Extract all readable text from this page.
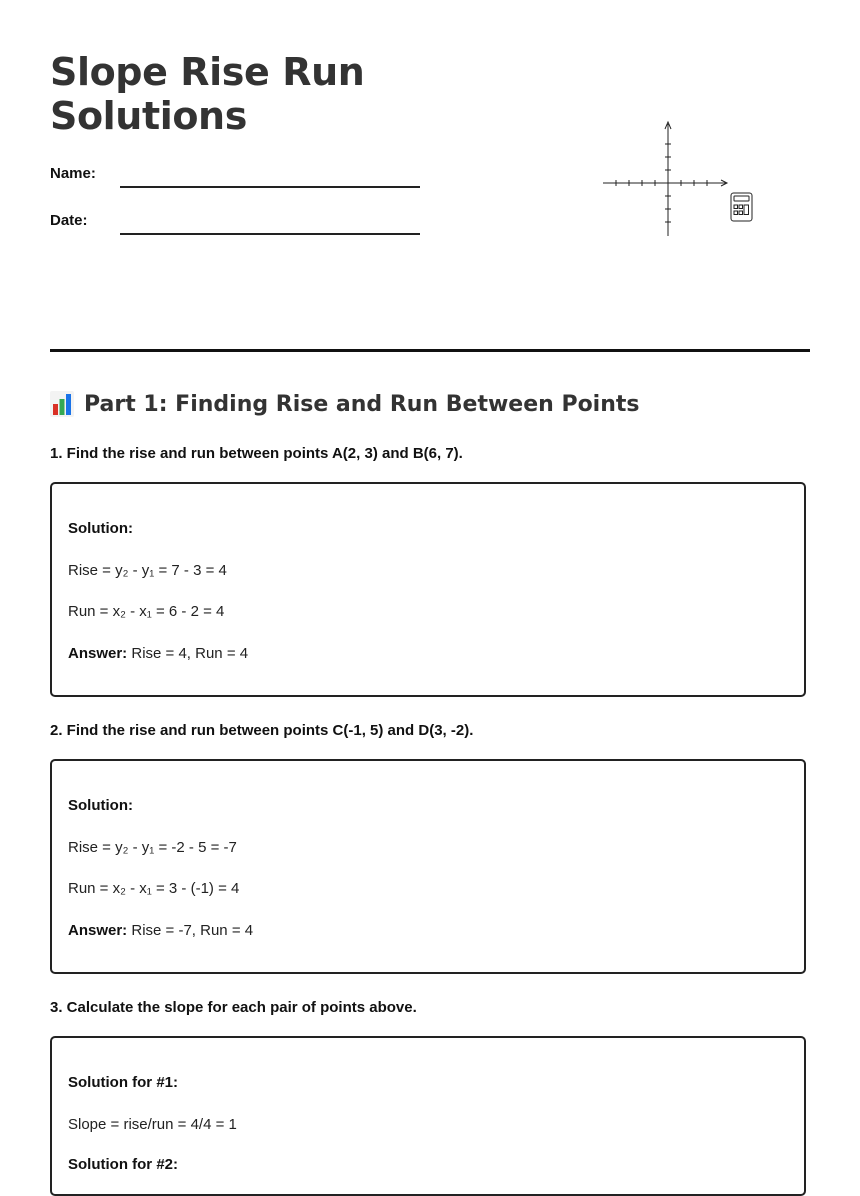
Slope Rise Run
Solutions
Name:
Date:
Part 1: Finding Rise and Run Between Points
1. Find the rise and run between points A(2, 3) and B(6, 7).
Solution:
Rise = y₂ - y₁ = 7 - 3 = 4
Run = x₂ - x₁ = 6 - 2 = 4
Answer: Rise = 4, Run = 4
2. Find the rise and run between points C(-1, 5) and D(3, -2).
Solution:
Rise = y₂ - y₁ = -2 - 5 = -7
Run = x₂ - x₁ = 3 - (-1) = 4
Answer: Rise = -7, Run = 4
3. Calculate the slope for each pair of points above.
Solution for #1:
Slope = rise/run = 4/4 = 1
Solution for #2:
